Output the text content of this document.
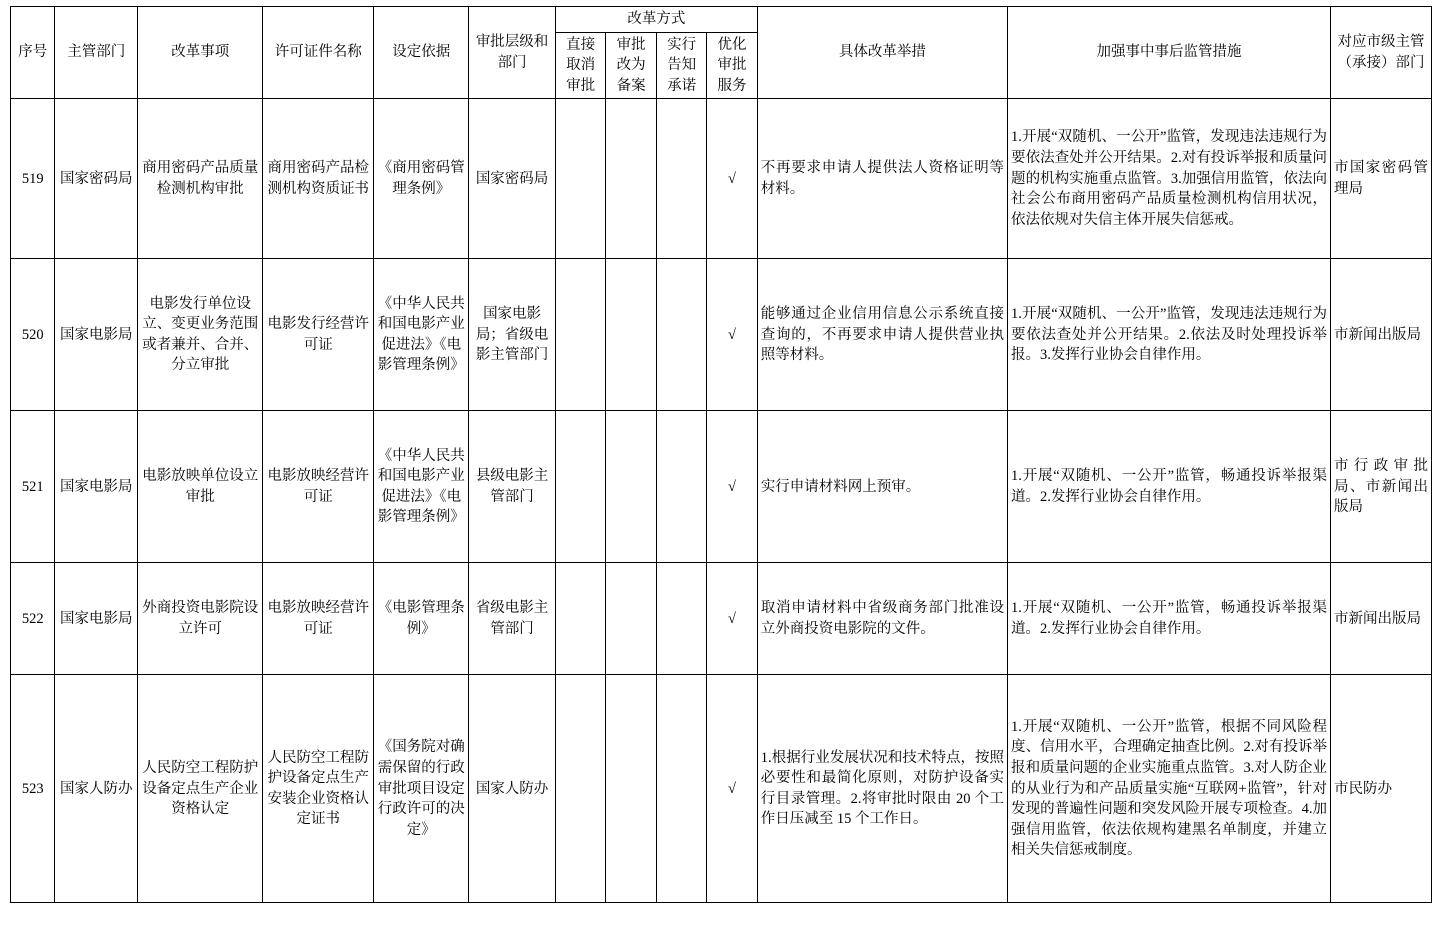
序号	主管部门	改革事项	许可证件名称	设定依据	审批层级和部门	改革方式				具体改革举措	加强事中事后监管措施	对应市级主管（承接）部门
						直接取消审批	审批改为备案	实行告知承诺	优化审批服务			
519	国家密码局	商用密码产品质量检测机构审批	商用密码产品检测机构资质证书	《商用密码管理条例》	国家密码局				√	不再要求申请人提供法人资格证明等材料。	1.开展“双随机、一公开”监管，发现违法违规行为要依法查处并公开结果。2.对有投诉举报和质量问题的机构实施重点监管。3.加强信用监管，依法向社会公布商用密码产品质量检测机构信用状况，依法依规对失信主体开展失信惩戒。	市国家密码管理局
520	国家电影局	电影发行单位设立、变更业务范围或者兼并、合并、分立审批	电影发行经营许可证	《中华人民共和国电影产业促进法》《电影管理条例》	国家电影局；省级电影主管部门				√	能够通过企业信用信息公示系统直接查询的，不再要求申请人提供营业执照等材料。	1.开展“双随机、一公开”监管，发现违法违规行为要依法查处并公开结果。2.依法及时处理投诉举报。3.发挥行业协会自律作用。	市新闻出版局
521	国家电影局	电影放映单位设立审批	电影放映经营许可证	《中华人民共和国电影产业促进法》《电影管理条例》	县级电影主管部门				√	实行申请材料网上预审。	1.开展“双随机、一公开”监管，畅通投诉举报渠道。2.发挥行业协会自律作用。	市行政审批局、市新闻出版局
522	国家电影局	外商投资电影院设立许可	电影放映经营许可证	《电影管理条例》	省级电影主管部门				√	取消申请材料中省级商务部门批准设立外商投资电影院的文件。	1.开展“双随机、一公开”监管，畅通投诉举报渠道。2.发挥行业协会自律作用。	市新闻出版局
523	国家人防办	人民防空工程防护设备定点生产企业资格认定	人民防空工程防护设备定点生产安装企业资格认定证书	《国务院对确需保留的行政审批项目设定行政许可的决定》	国家人防办				√	1.根据行业发展状况和技术特点，按照必要性和最简化原则，对防护设备实行目录管理。2.将审批时限由 20 个工作日压减至 15 个工作日。	1.开展“双随机、一公开”监管，根据不同风险程度、信用水平，合理确定抽查比例。2.对有投诉举报和质量问题的企业实施重点监管。3.对人防企业的从业行为和产品质量实施“互联网+监管”，针对发现的普遍性问题和突发风险开展专项检查。4.加强信用监管，依法依规构建黑名单制度，并建立相关失信惩戒制度。	市民防办
